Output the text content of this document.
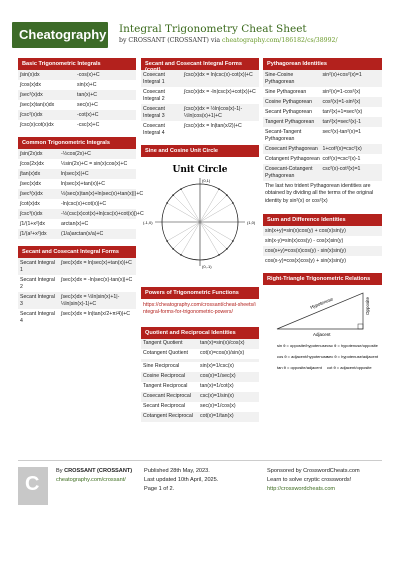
Cheatography Integral Trigonometry Cheat Sheet
by CROSSANT (CROSSANT) via cheatography.com/186182/cs/38992/
Basic Trigonometric Integrals
∫sin(x)dx	-cos(x)+C
∫cos(x)dx	sin(x)+C
∫sec²(x)dx	tan(x)+C
∫sec(x)tan(x)dx	sec(x)+C
∫csc²(x)dx	-cot(x)+C
∫csc(x)cot(x)dx	-csc(x)+C
Common Trigonometric Integrals
∫sin(2x)dx	-½cos(2x)+C
∫cos(2x)dx	½sin(2x)+C = sin(x)cos(x)+C
∫tan(x)dx	ln|sec(x)|+C
∫sec(x)dx	ln|sec(x)+tan(x)|+C
∫sec³(x)dx	½(sec(x)tan(x)+ln|sec(x)+tan(x)|)+C
∫cot(x)dx	-ln|csc(x)+cot(x)|+C
∫csc³(x)dx	-½(csc(x)cot(x)+ln|csc(x)+cot(x)|)+C
∫1/(1+x²)dx	arctan(x)+C
∫1/(a²+x²)dx	(1/a)arctan(x/a)+C
Secant and Cosecant Integral Forms
Secant Integral 1
∫sec(x)dx = ln|sec(x)+tan(x)|+C
Secant Integral 2
∫sec(x)dx = -ln|sec(x)-tan(x)|+C
Secant Integral 3
∫sec(x)dx = ½ln|sin(x)+1|-½ln|sin(x)-1|+C
Secant Integral 4
∫sec(x)dx = ln|tan(x/2+π/4)|+C
Secant and Cosecant Integral Forms (cont)
Cosecant Integral 1
∫csc(x)dx = ln|csc(x)-cot(x)|+C
Cosecant Integral 2
∫csc(x)dx = -ln|csc(x)+cot(x)|+C
Cosecant Integral 3
∫csc(x)dx = ½ln|cos(x)-1|-½ln|cos(x)+1|+C
Cosecant Integral 4
∫csc(x)dx = ln|tan(x/2)|+C
Sine and Cosine Unit Circle
Unit Circle
(1,0)
(0,1)
(-1,0)
(0,-1)
Powers of Trigonometric Functions
https://cheatography.com/crossant/cheat-sheets/integral-forms-for-trigonometric-powers/
Quotient and Reciprocal Identities
Tangent Quotient	tan(x)=sin(x)/cos(x)
Cotangent Quotient	cot(x)=cos(x)/sin(x)
Sine Reciprocal	sin(x)=1/csc(x)
Cosine Reciprocal	cos(x)=1/sec(x)
Tangent Reciprocal	tan(x)=1/cot(x)
Cosecant Reciprocal	csc(x)=1/sin(x)
Secant Reciprocal	sec(x)=1/cos(x)
Cotangent Reciprocal	cot(x)=1/tan(x)
Pythagorean Identities
Sine-Cosine Pythagorean
sin²(x)+cos²(x)=1
Sine Pythagorean	sin²(x)=1-cos²(x)
Cosine Pythagorean	cos²(x)=1-sin²(x)
Secant Pythagorean	tan²(x)+1=sec²(x)
Tangent Pythagorean	tan²(x)=sec²(x)-1
Secant-Tangent Pythagorean
sec²(x)-tan²(x)=1
Cosecant Pythagorean 1+cot²(x)=csc²(x)
Cotangent Pythagorean cot²(x)=csc²(x)-1
Cosecant-Cotangent Pythagorean
csc²(x)-cot²(x)=1
The last two trident Pythagorean identities are obtained by dividing all the terms of the original identity by sin²(x) or cos²(x)
Sum and Difference Identities
sin(x+y)=sin(x)cos(y) + cos(x)sin(y)
sin(x-y)=sin(x)cos(y) - cos(x)sin(y)
cos(x+y)=cos(x)cos(y) - sin(x)sin(y)
cos(x-y)=cos(x)cos(y) + sin(x)sin(y)
Right-Triangle Trigonometric Relations
Hypotenuse	Opposite
Adjacent
sin θ = opposite/hypotenuse csc θ = hypotenuse/opposite
cos θ = adjacent/hypotenuse
sec θ = hypotenuse/adjacent
tan θ = opposite/adjacent cot θ = adjacent/opposite
C
By CROSSANT (CROSSANT)
cheatography.com/crossant/
Published 28th May, 2023.
Last updated 10th April, 2025.
Page 1 of 2.
Sponsored by CrosswordCheats.com
Learn to solve cryptic crosswords!
http://crosswordcheats.com
